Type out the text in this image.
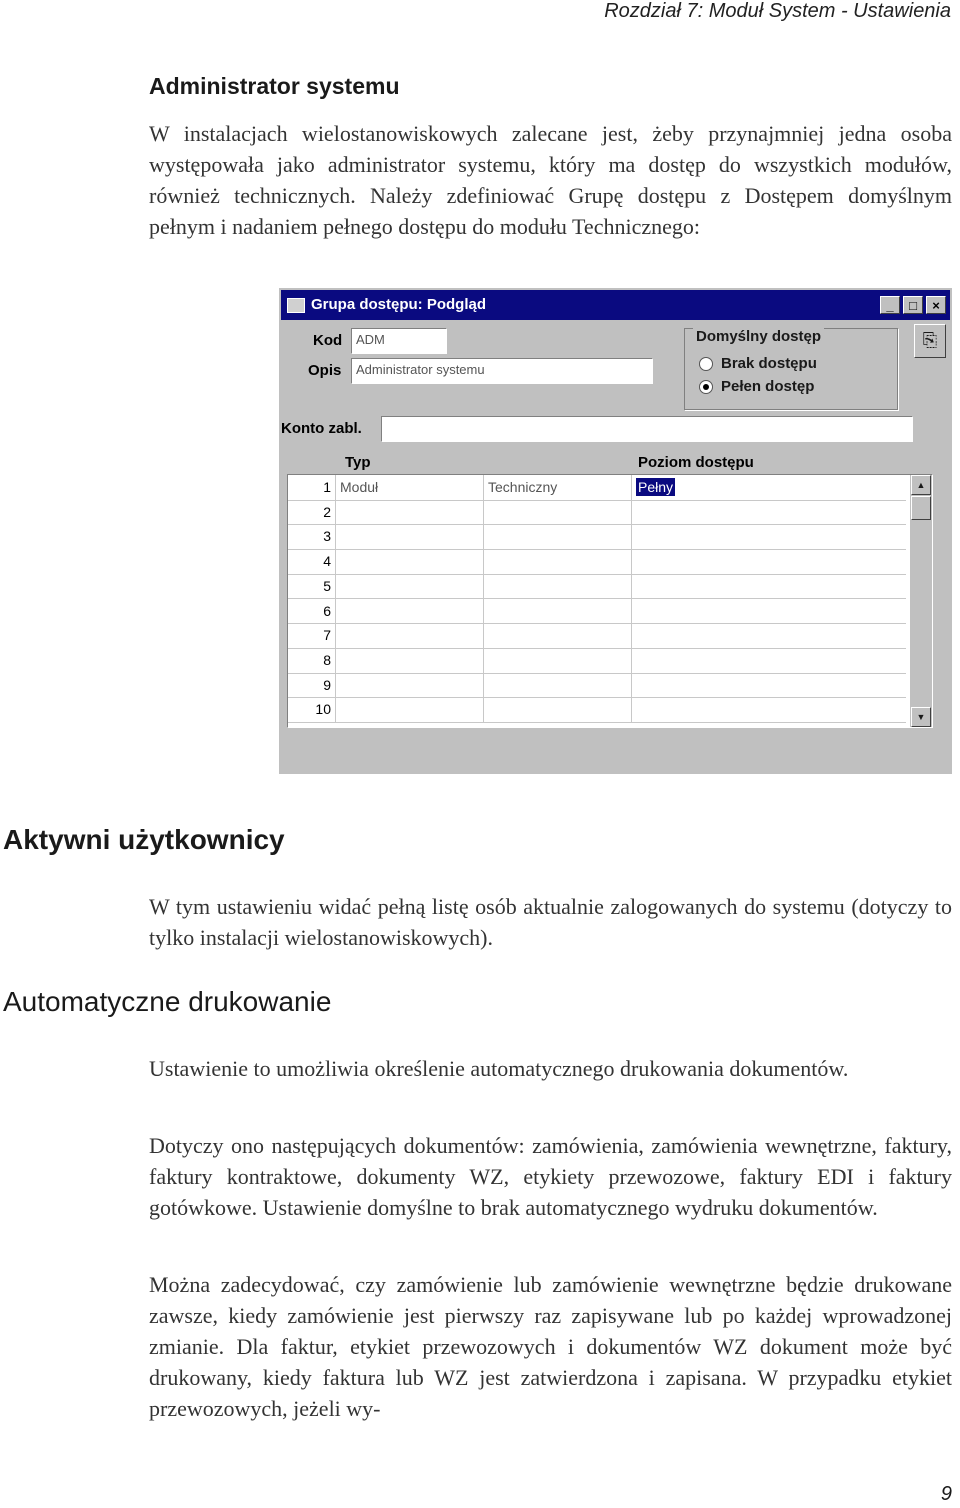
Rozdział 7: Moduł System - Ustawienia
Administrator systemu

W instalacjach wielostanowiskowych zalecane jest, żeby przynajmniej jedna osoba występowała jako administrator systemu, który ma dostęp do wszystkich modułów, również technicznych. Należy zdefiniować Grupę dostępu z Dostępem domyślnym pełnym i nadaniem pełnego dostępu do modułu Technicznego:

Grupa dostępu: Podgląd	_	□	×
Kod	ADM
Opis	Administrator systemu
Domyślny dostęp
Brak dostępu
Pełen dostęp
⎘
Konto zabl.
Typ	Poziom dostępu
1 Moduł	Techniczny	Pełny
2
3
4
5
6
7
8
9
10
▲
▼
Aktywni użytkownicy

W tym ustawieniu widać pełną listę osób aktualnie zalogowanych do systemu (dotyczy to tylko instalacji wielostanowiskowych).

Automatyczne drukowanie

Ustawienie to umożliwia określenie automatycznego drukowania dokumentów.

Dotyczy ono następujących dokumentów: zamówienia, zamówienia wewnętrzne, faktury, faktury kontraktowe, dokumenty WZ, etykiety przewozowe, faktury EDI i faktury gotówkowe. Ustawienie domyślne to brak automatycznego wydruku dokumentów.

Można zadecydować, czy zamówienie lub zamówienie wewnętrzne będzie drukowane zawsze, kiedy zamówienie jest pierwszy raz zapisywane lub po każdej wprowadzonej zmianie. Dla faktur, etykiet przewozowych i dokumentów WZ dokument może być drukowany, kiedy faktura lub WZ jest zatwierdzona i zapisana. W przypadku etykiet przewozowych, jeżeli wy-

9
